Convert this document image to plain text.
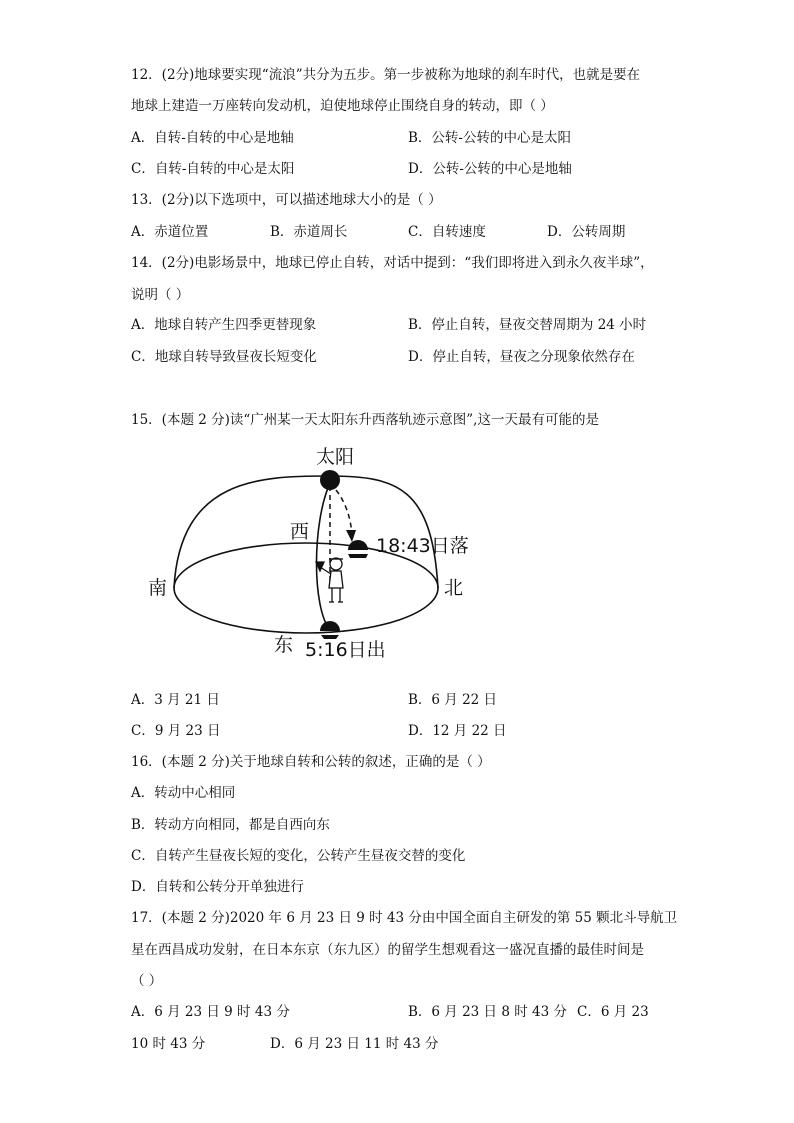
12．(2分)地球要实现“流浪”共分为五步。第一步被称为地球的刹车时代，也就是要在
地球上建造一万座转向发动机，迫使地球停止围绕自身的转动，即（ ）
A．自转-自转的中心是地轴	B．公转-公转的中心是太阳
C．自转-自转的中心是太阳	D．公转-公转的中心是地轴
13．(2分)以下选项中，可以描述地球大小的是（ ）
A．赤道位置	B．赤道周长	C．自转速度	D．公转周期
14．(2分)电影场景中，地球已停止自转，对话中提到：“我们即将进入到永久夜半球”，
说明（ ）
A．地球自转产生四季更替现象	B．停止自转，昼夜交替周期为 24 小时
C．地球自转导致昼夜长短变化	D．停止自转，昼夜之分现象依然存在
15．(本题 2 分)读“广州某一天太阳东升西落轨迹示意图”,这一天最有可能的是
太阳
西
18:43日落
南	北
东 5:16日出
A．3 月 21 日	B．6 月 22 日
C．9 月 23 日	D．12 月 22 日
16．(本题 2 分)关于地球自转和公转的叙述，正确的是（ ）
A．转动中心相同
B．转动方向相同，都是自西向东
C．自转产生昼夜长短的变化，公转产生昼夜交替的变化
D．自转和公转分开单独进行
17．(本题 2 分)2020 年 6 月 23 日 9 时 43 分由中国全面自主研发的第 55 颗北斗导航卫
星在西昌成功发射，在日本东京（东九区）的留学生想观看这一盛况直播的最佳时间是
（ ）
A．6 月 23 日 9 时 43 分	B．6 月 23 日 8 时 43 分 C．6 月 23
10 时 43 分	D．6 月 23 日 11 时 43 分
